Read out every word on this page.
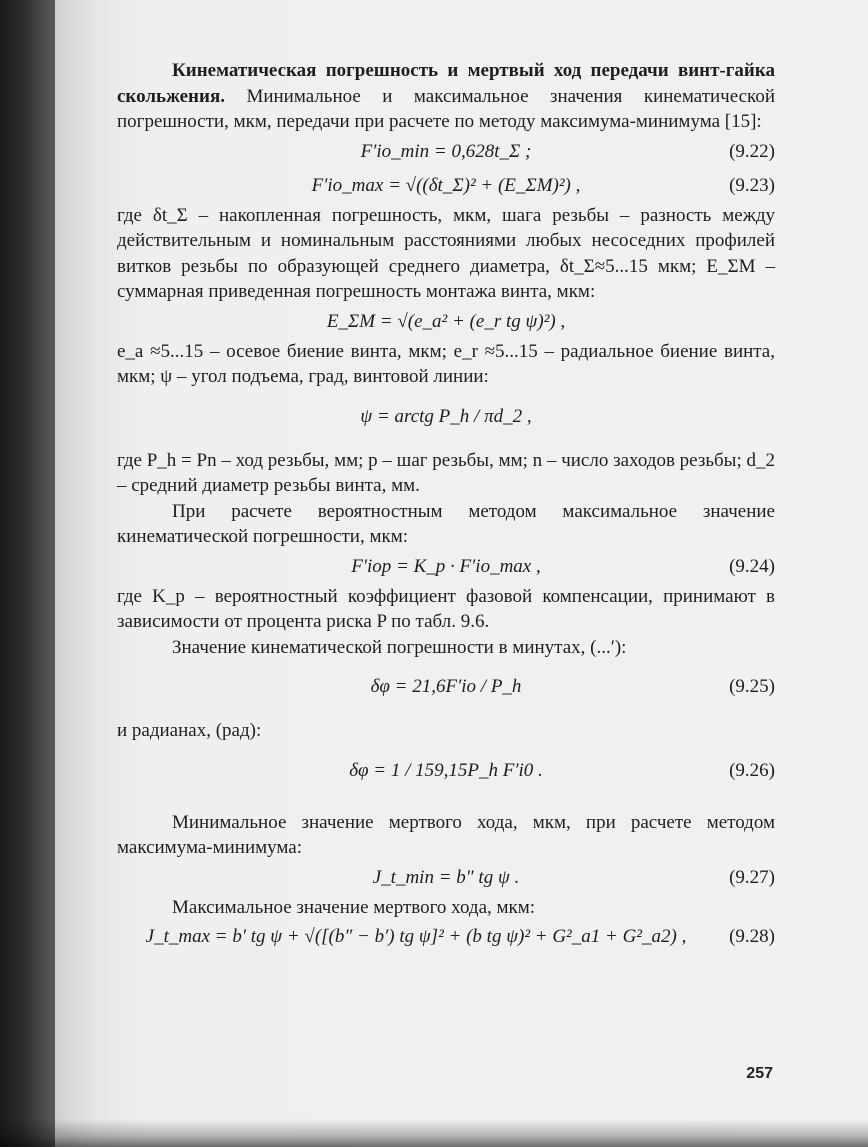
Кинематическая погрешность и мертвый ход передачи винт-гайка скольжения. Минимальное и максимальное значения кинематической погрешности, мкм, передачи при расчете по методу максимума-минимума [15]:

F′io_min = 0,628t_Σ ;	(9.22)
F′io_max = √((δt_Σ)² + (E_ΣM)²) ,	(9.23)

где δt_Σ – накопленная погрешность, мкм, шага резьбы – разность между действительным и номинальным расстояниями любых несоседних профилей витков резьбы по образующей среднего диаметра, δt_Σ≈5...15 мкм; E_ΣM – суммарная приведенная погрешность монтажа винта, мкм:

E_ΣM = √(e_a² + (e_r tg ψ)²) ,

e_a ≈5...15 – осевое биение винта, мкм; e_r ≈5...15 – радиальное биение винта, мкм; ψ – угол подъема, град, винтовой линии:

ψ = arctg P_h / πd_2 ,

где P_h = Pn – ход резьбы, мм; p – шаг резьбы, мм; n – число заходов резьбы; d_2 – средний диаметр резьбы винта, мм.

При расчете вероятностным методом максимальное значение кинематической погрешности, мкм:

F′iop = K_p · F′io_max ,	(9.24)

где K_p – вероятностный коэффициент фазовой компенсации, принимают в зависимости от процента риска P по табл. 9.6.

Значение кинематической погрешности в минутах, (...′):

δφ = 21,6F′io / P_h	(9.25)

и радианах, (рад):

δφ = 1 / 159,15P_h F′i0 .	(9.26)

Минимальное значение мертвого хода, мкм, при расчете методом максимума-минимума:

J_t_min = b″ tg ψ .	(9.27)

Максимальное значение мертвого хода, мкм:

J_t_max = b′ tg ψ + √([(b″ − b′) tg ψ]² + (b tg ψ)² + G²_a1 + G²_a2) ,	(9.28)
257
